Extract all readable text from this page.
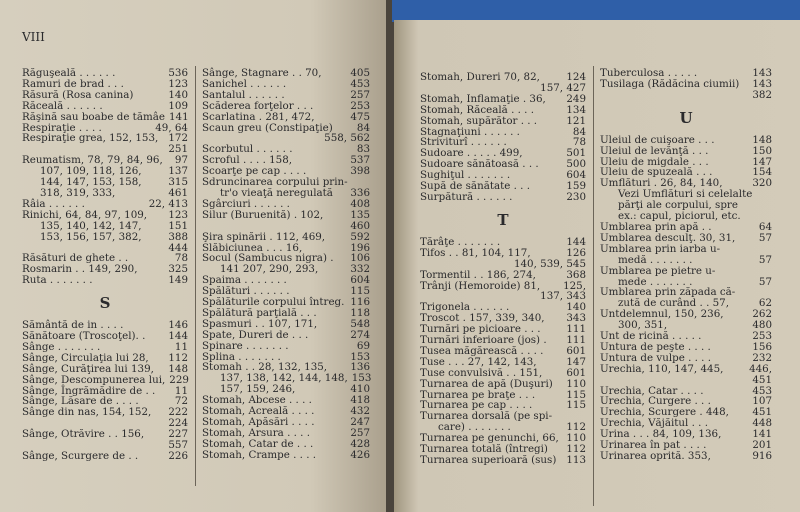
VIII
Răguşeală . . . . . .	536
Ramuri de brad . . .	123
Răsură (Rosa canina)	140
Răceală . . . . . .	109
Răşină sau boabe de tămâe 141
Respiraţie . . . .	49, 64
Respiraţie grea, 152, 153, 172
251
Reumatism, 78, 79, 84, 96, 97
107, 109, 118, 126,	137
144, 147, 153, 158,	315
318, 319, 333,	461
Râia . . . . . .	22, 413
Rinichi, 64, 84, 97, 109, 123
135, 140, 142, 147,	151
153, 156, 157, 382,	388
444
Răsături de ghete . .	78
Rosmarin . . 149, 290,	325
Ruta . . . . . . .	149
S
Sământă de in . . . .	146
Sănătoare (Troscoţel). . 144
Sânge . . . . . . .	11
Sânge, Circulaţia lui 28, 112
Sânge, Curăţirea lui 139, 148
Sânge, Descompunerea lui, 229
Sânge, Îngrămădire de . . 11
Sânge, Lăsare de . . . .	72
Sânge din nas, 154, 152, 222
224
Sânge, Otrăvire . . 156, 227
557
Sânge, Scurgere de . .	226
Sânge, Stagnare . . 70,	405
Sanichel . . . . . .	453
Santalul . . . . . .	257
Scăderea forţelor . . .	253
Scarlatina . 281, 472,	475
Scaun greu (Constipaţie) 84
558, 562
Scorbutul . . . . . .	83
Scroful . . . . 158,	537
Scoarţe pe cap . . . .	398
Sdruncinarea corpului prin-
tr'o vieaţă neregulată 336
Sgârciuri . . . . . .	408
Silur (Buruenită) . 102,	135
460
Şira spinării . 112, 469, 592
Slăbiciunea . . . 16,	196
Socul (Sambucus nigra) . 106
141 207, 290, 293,	332
Spaima . . . . . . .	604
Spălături . . . . . .	115
Spălăturile corpului întreg. 116
Spălătură parţială . . .	118
Spasmuri . . 107, 171,	548
Spate, Dureri de . . .	274
Spinare . . . . . . .	69
Splina . . . . . . .	153
Stomah . . 28, 132, 135, 136
137, 138, 142, 144, 148, 153
157, 159, 246,	410
Stomah, Abcese . . . .	418
Stomah, Acreală . . . .	432
Stomah, Apăsări . . . .	247
Stomah, Arsura . . . .	257
Stomah, Catar de . . .	428
Stomah, Crampe . . . .	426
Stomah, Dureri 70, 82,	124
157, 427
Stomah, Inflamaţie . 36, 249
Stomah, Răceală . . . .	134
Stomah, supărător . . .	121
Stagnaţiuni . . . . . .	84
Striviturî . . . . . .	78
Sudoare . . . . . 499,	501
Sudoare sănătoasă . . .	500
Sughiţul . . . . . . .	604
Supă de sănătate . . .	159
Surpătură . . . . . .	230
T
Tărâţe . . . . . . .	144
Tifos . . 81, 104, 117,	126
140, 539, 545
Tormentil . . 186, 274,	368
Trânji (Hemoroide) 81, 125,
137, 343
Trigonela . . . . . .	140
Troscot . 157, 339, 340, 343
Turnări pe picioare . . .	111
Turnări inferioare (jos) . 111
Tusea măgărească . . . . 601
Tuse . . . 27, 142, 143,	147
Tuse convulsivă . . 151, 601
Turnarea de apă (Duşuri) 110
Turnarea pe braţe . . .	115
Turnarea pe cap . . . .	115
Turnarea dorsală (pe spi-
care) . . . . . . .	112
Turnarea pe genunchi, 66, 110
Turnarea totală (întregi) 112
Turnarea superioară (sus) 113
Tuberculosa . . . . .	143
Tusilaga (Rădăcina ciumii) 143
382
U
Uleiul de cuişoare . . .	148
Uleiul de levănţă . . .	150
Uleiu de migdale . . .	147
Uleiu de spuzeală . . .	154
Umflături . 26, 84, 140,	320
Vezi Umflături si celelalte
părţi ale corpului, spre
ex.: capul, piciorul, etc.
Umblarea prin apă . .	64
Umblarea desculţ. 30, 31, 57
Umblarea prin iarba u-
medă . . . . . . .	57
Umblarea pe pietre u-
mede . . . . . . .	57
Umblarea prin zăpada că-
zută de curând . . 57,	62
Untdelemnul, 150, 236,	262
300, 351,	480
Unt de ricină . . . . .	253
Untura de peşte . . . .	156
Untura de vulpe . . . .	232
Urechia, 110, 147, 445, 446,
451
Urechia, Catar . . . .	453
Urechia, Curgere . . .	107
Urechia, Scurgere . 448, 451
Urechia, Văjăitul . . .	448
Urina . . . 84, 109, 136,	141
Urinarea în pat . . . .	201
Urinarea oprită. 353,	916
